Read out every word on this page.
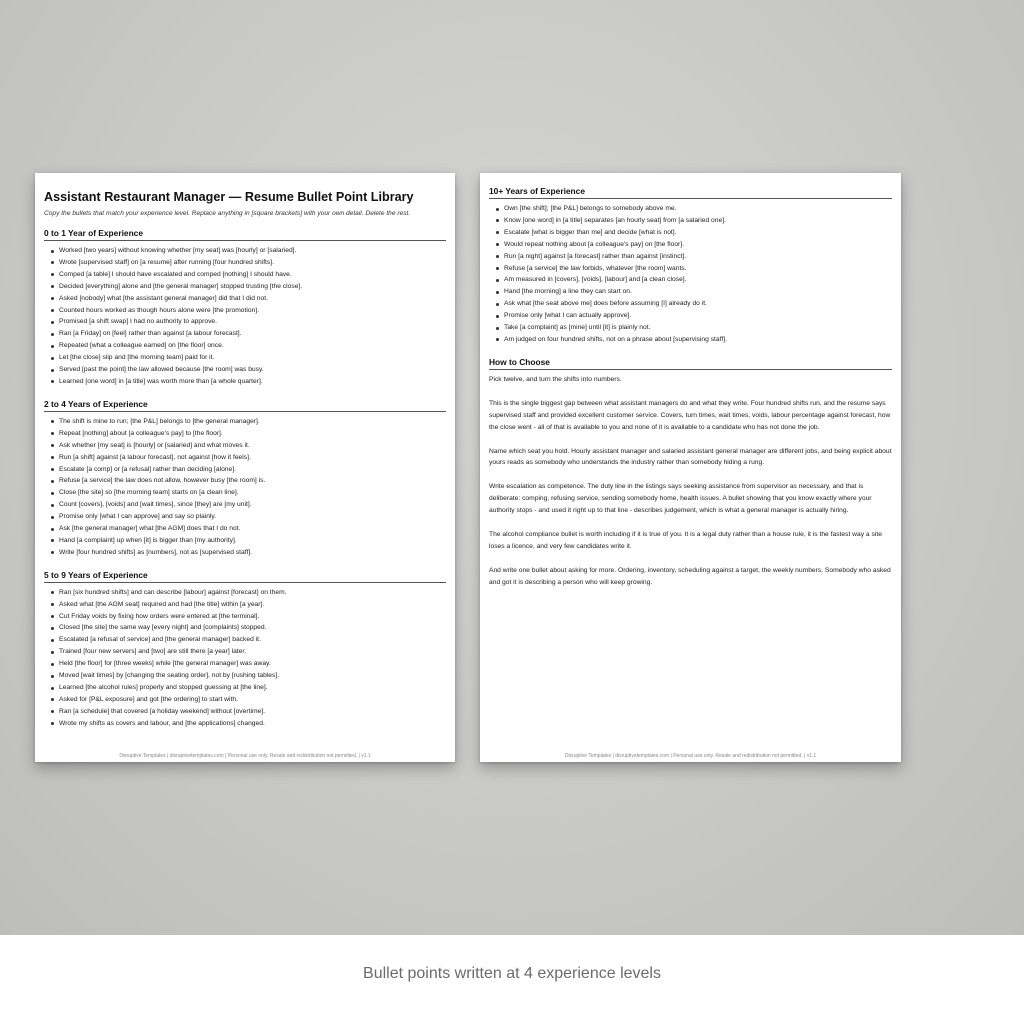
Assistant Restaurant Manager — Resume Bullet Point Library
Copy the bullets that match your experience level. Replace anything in [square brackets] with your own detail. Delete the rest.
0 to 1 Year of Experience
Worked [two years] without knowing whether [my seat] was [hourly] or [salaried].
Wrote [supervised staff] on [a resume] after running [four hundred shifts].
Comped [a table] I should have escalated and comped [nothing] I should have.
Decided [everything] alone and [the general manager] stopped trusting [the close].
Asked [nobody] what [the assistant general manager] did that I did not.
Counted hours worked as though hours alone were [the promotion].
Promised [a shift swap] I had no authority to approve.
Ran [a Friday] on [feel] rather than against [a labour forecast].
Repeated [what a colleague earned] on [the floor] once.
Let [the close] slip and [the morning team] paid for it.
Served [past the point] the law allowed because [the room] was busy.
Learned [one word] in [a title] was worth more than [a whole quarter].
2 to 4 Years of Experience
The shift is mine to run; [the P&L] belongs to [the general manager].
Repeat [nothing] about [a colleague's pay] to [the floor].
Ask whether [my seat] is [hourly] or [salaried] and what moves it.
Run [a shift] against [a labour forecast], not against [how it feels].
Escalate [a comp] or [a refusal] rather than deciding [alone].
Refuse [a service] the law does not allow, however busy [the room] is.
Close [the site] so [the morning team] starts on [a clean line].
Count [covers], [voids] and [wait times], since [they] are [my unit].
Promise only [what I can approve] and say so plainly.
Ask [the general manager] what [the AGM] does that I do not.
Hand [a complaint] up when [it] is bigger than [my authority].
Write [four hundred shifts] as [numbers], not as [supervised staff].
5 to 9 Years of Experience
Ran [six hundred shifts] and can describe [labour] against [forecast] on them.
Asked what [the AGM seat] required and had [the title] within [a year].
Cut Friday voids by fixing how orders were entered at [the terminal].
Closed [the site] the same way [every night] and [complaints] stopped.
Escalated [a refusal of service] and [the general manager] backed it.
Trained [four new servers] and [two] are still there [a year] later.
Held [the floor] for [three weeks] while [the general manager] was away.
Moved [wait times] by [changing the seating order], not by [rushing tables].
Learned [the alcohol rules] properly and stopped guessing at [the line].
Asked for [P&L exposure] and got [the ordering] to start with.
Ran [a schedule] that covered [a holiday weekend] without [overtime].
Wrote my shifts as covers and labour, and [the applications] changed.
Disruptive Templates | disruptivetemplates.com | Personal use only. Resale and redistribution not permitted. | v1.1
10+ Years of Experience
Own [the shift]; [the P&L] belongs to somebody above me.
Know [one word] in [a title] separates [an hourly seat] from [a salaried one].
Escalate [what is bigger than me] and decide [what is not].
Would repeat nothing about [a colleague's pay] on [the floor].
Run [a night] against [a forecast] rather than against [instinct].
Refuse [a service] the law forbids, whatever [the room] wants.
Am measured in [covers], [voids], [labour] and [a clean close].
Hand [the morning] a line they can start on.
Ask what [the seat above me] does before assuming [I] already do it.
Promise only [what I can actually approve].
Take [a complaint] as [mine] until [it] is plainly not.
Am judged on four hundred shifts, not on a phrase about [supervising staff].
How to Choose
Pick twelve, and turn the shifts into numbers.
This is the single biggest gap between what assistant managers do and what they write. Four hundred shifts run, and the resume says supervised staff and provided excellent customer service. Covers, turn times, wait times, voids, labour percentage against forecast, how the close went - all of that is available to you and none of it is available to a candidate who has not done the job.
Name which seat you hold. Hourly assistant manager and salaried assistant general manager are different jobs, and being explicit about yours reads as somebody who understands the industry rather than somebody hiding a rung.
Write escalation as competence. The duty line in the listings says seeking assistance from supervisor as necessary, and that is deliberate: comping, refusing service, sending somebody home, health issues. A bullet showing that you know exactly where your authority stops - and used it right up to that line - describes judgement, which is what a general manager is actually hiring.
The alcohol compliance bullet is worth including if it is true of you. It is a legal duty rather than a house rule, it is the fastest way a site loses a licence, and very few candidates write it.
And write one bullet about asking for more. Ordering, inventory, scheduling against a target, the weekly numbers. Somebody who asked and got it is describing a person who will keep growing.
Disruptive Templates | disruptivetemplates.com | Personal use only. Resale and redistribution not permitted. | v1.1
Bullet points written at 4 experience levels
